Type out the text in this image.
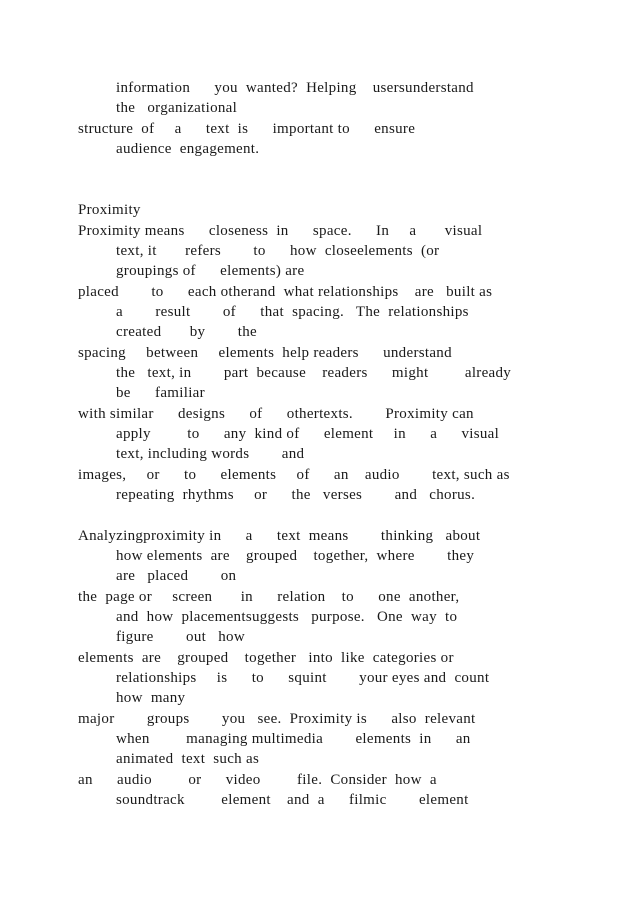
information      you  wanted?  Helping    usersunderstand
the   organizational
structure  of     a      text  is      important to      ensure
audience  engagement.
Proximity
Proximity means      closeness  in      space.      In     a       visual
text, it       refers        to      how  closeelements  (or
groupings of      elements) are
placed        to      each otherand  what relationships    are   built as
a        result        of      that  spacing.   The  relationships
created       by        the
spacing     between     elements  help readers      understand
the   text, in        part  because    readers      might         already
be      familiar
with similar      designs      of      othertexts.        Proximity can
apply         to      any  kind of      element     in      a      visual
text, including words        and
images,     or      to      elements     of      an    audio        text, such as
repeating  rhythms     or      the   verses        and   chorus.
Analyzingproximity in      a      text  means        thinking   about
how elements  are    grouped    together,  where        they
are   placed        on
the  page or     screen       in      relation    to      one  another,
and  how  placementsuggests   purpose.   One  way  to
figure        out   how
elements  are    grouped    together   into  like  categories or
relationships     is      to      squint        your eyes and  count
how  many
major        groups        you   see.  Proximity is      also  relevant
when         managing multimedia        elements  in      an
animated  text  such as
an      audio         or      video         file.  Consider  how  a
soundtrack         element    and  a      filmic        element
